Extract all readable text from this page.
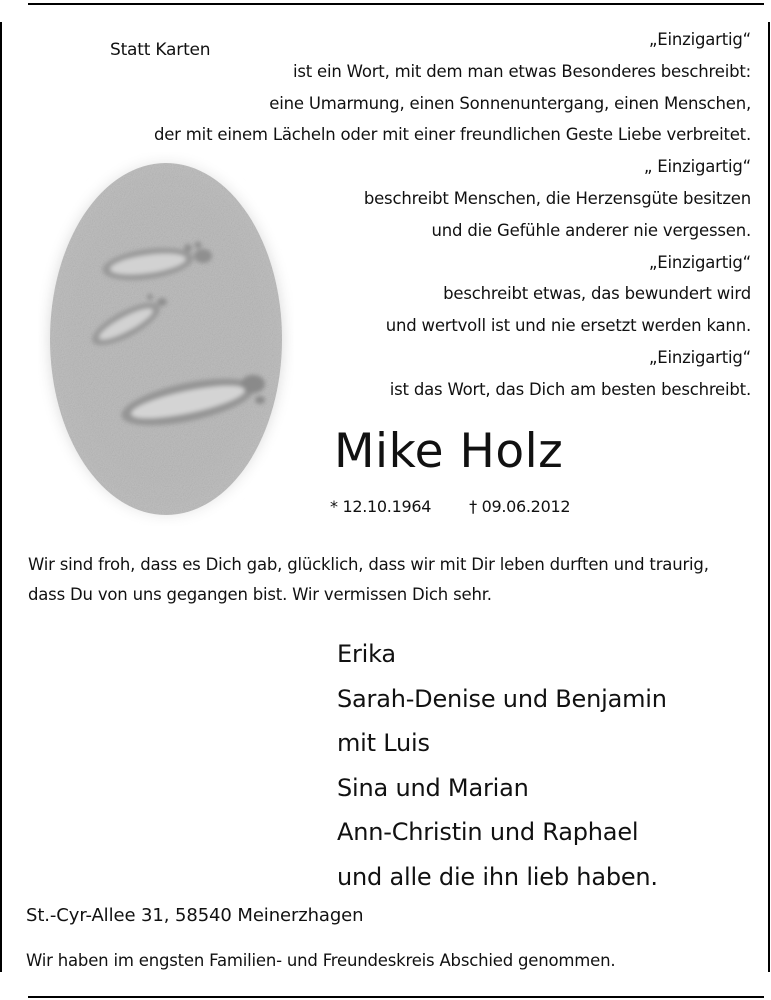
Statt Karten
„Einzigartig“
ist ein Wort, mit dem man etwas Besonderes beschreibt:
eine Umarmung, einen Sonnenuntergang, einen Menschen,
der mit einem Lächeln oder mit einer freundlichen Geste Liebe verbreitet.
„ Einzigartig“
beschreibt Menschen, die Herzensgüte besitzen
und die Gefühle anderer nie vergessen.
„Einzigartig“
beschreibt etwas, das bewundert wird
und wertvoll ist und nie ersetzt werden kann.
„Einzigartig“
ist das Wort, das Dich am besten beschreibt.
Mike Holz
* 12.10.1964 † 09.06.2012
Wir sind froh, dass es Dich gab, glücklich, dass wir mit Dir leben durften und traurig,
dass Du von uns gegangen bist. Wir vermissen Dich sehr.
Erika
Sarah-Denise und Benjamin
mit Luis
Sina und Marian
Ann-Christin und Raphael
und alle die ihn lieb haben.
St.-Cyr-Allee 31, 58540 Meinerzhagen
Wir haben im engsten Familien- und Freundeskreis Abschied genommen.
